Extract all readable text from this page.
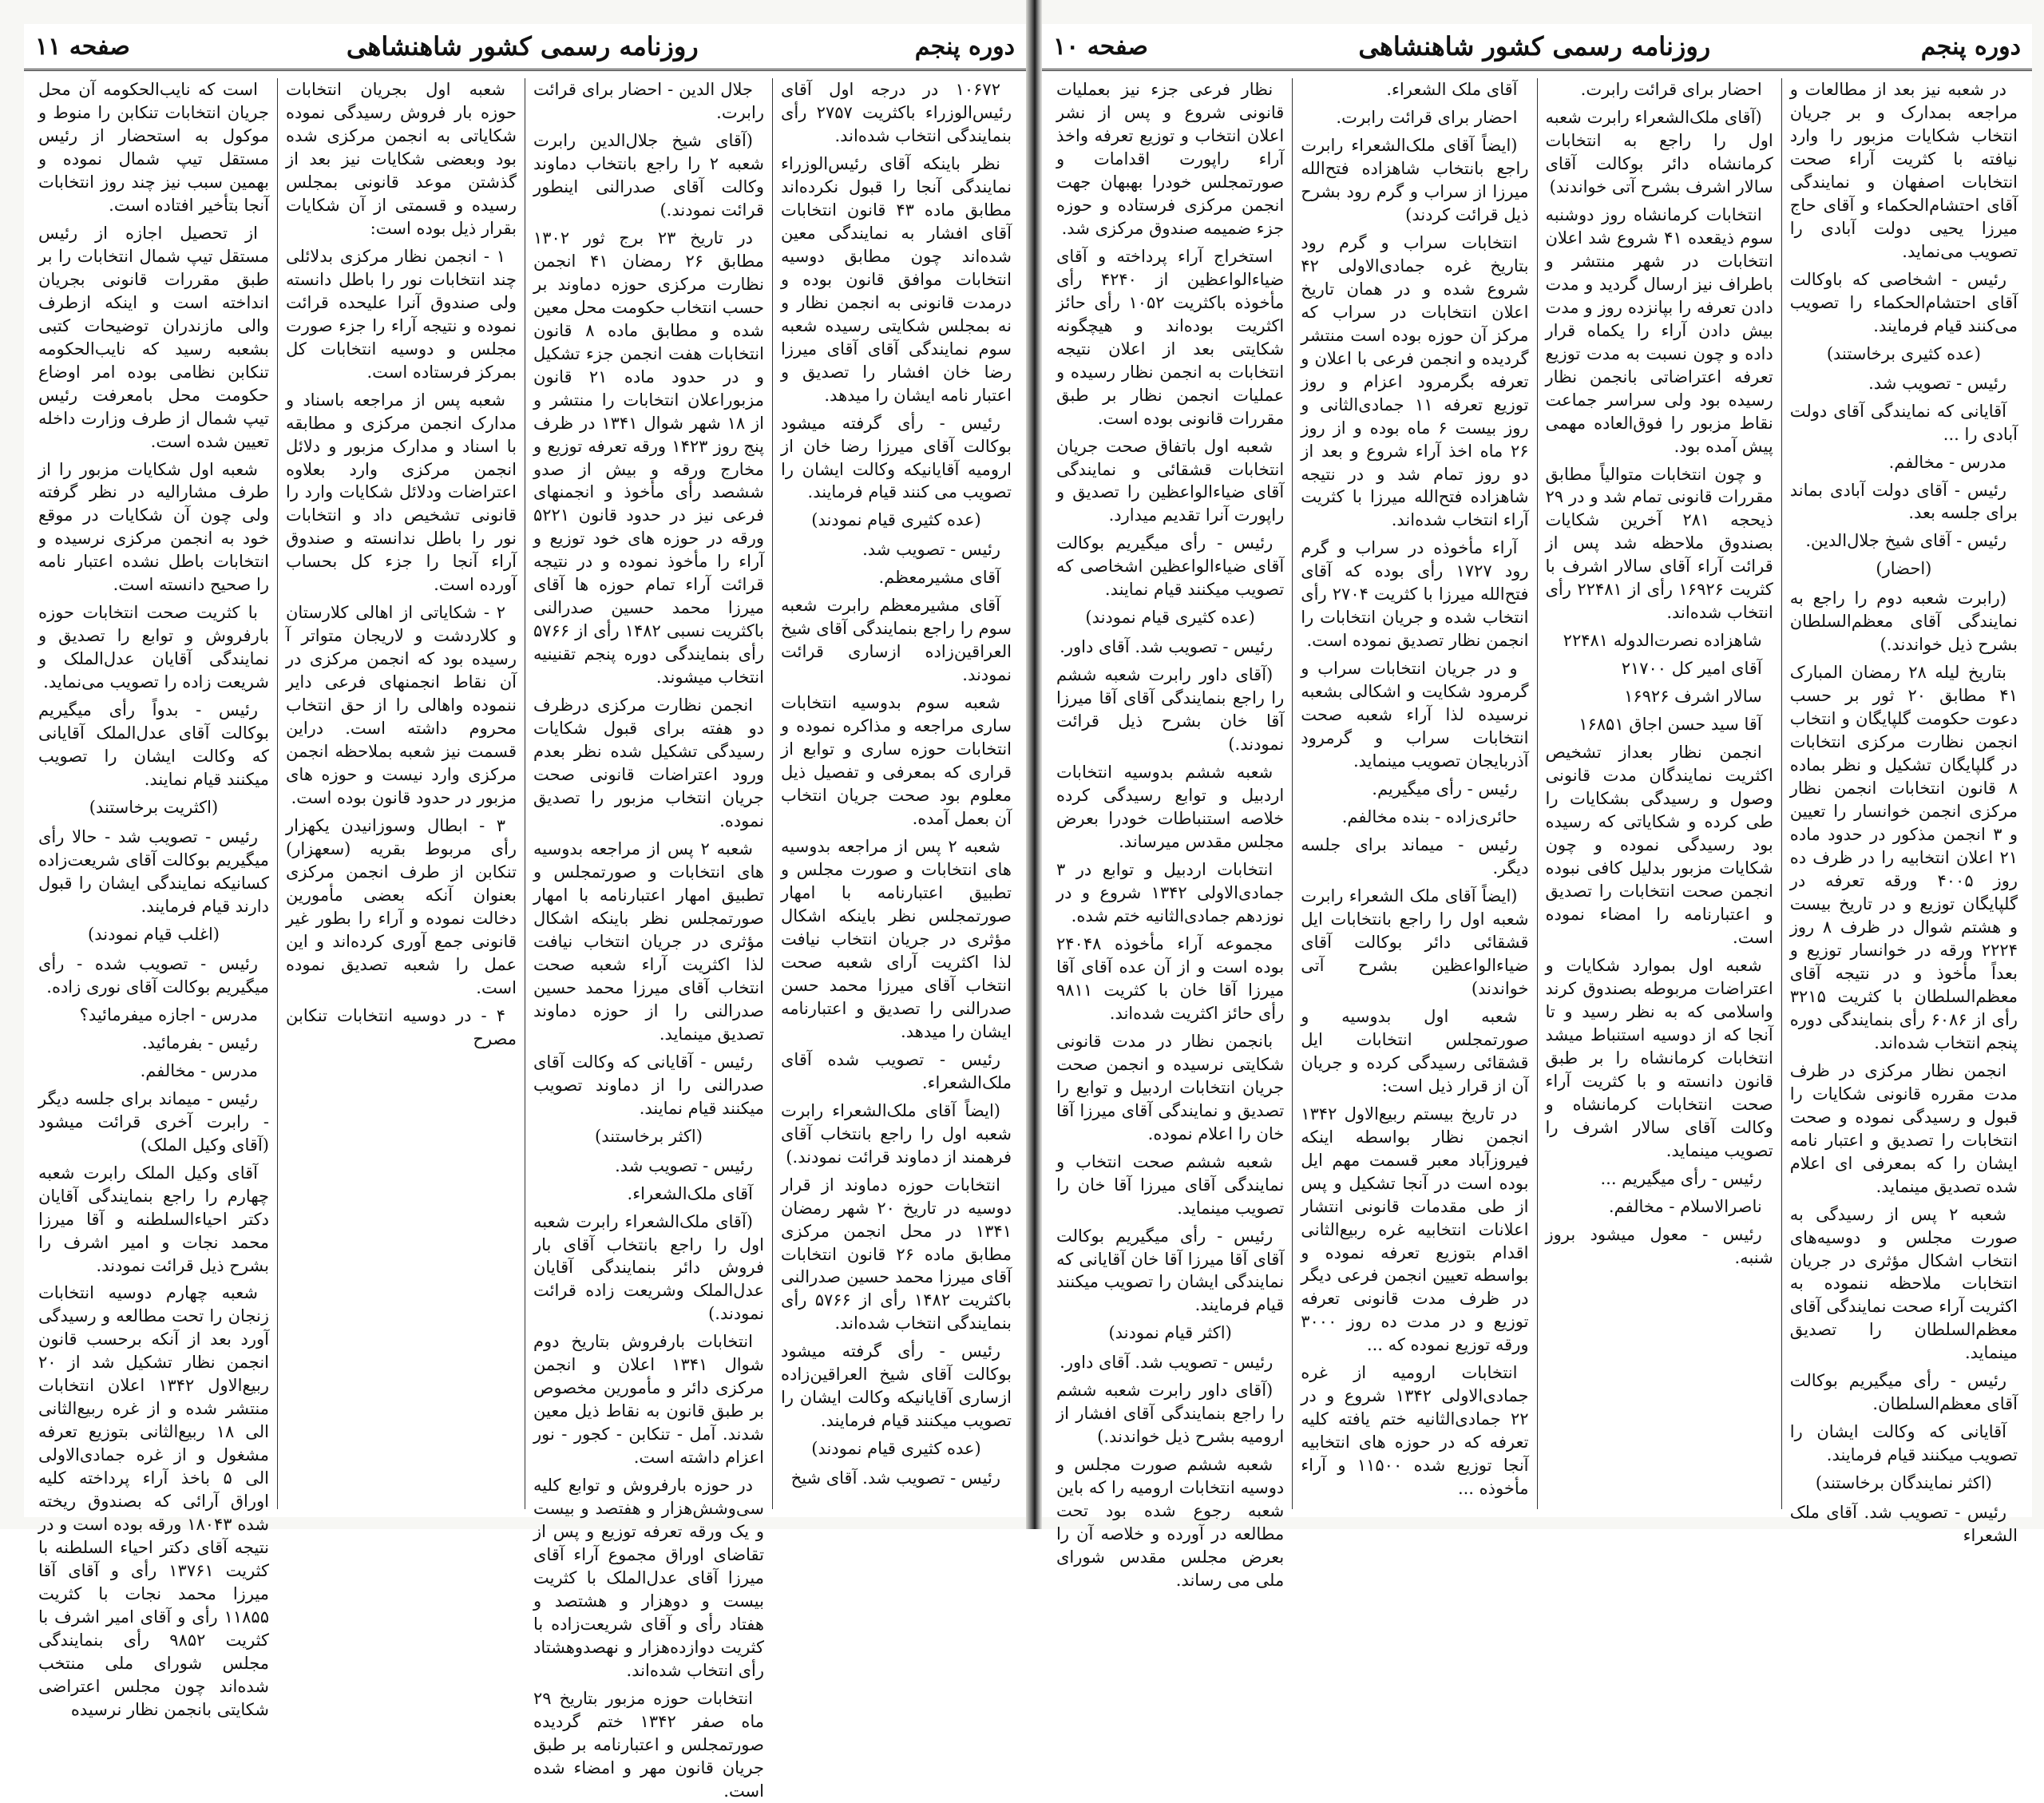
دوره پنجم
روزنامه رسمی کشور شاهنشاهی
صفحه ۱۱

۱۰۶۷۲ در درجه اول آقای رئیس‌الوزراء باکثریت ۲۷۵۷ رأی بنمایندگی انتخاب شده‌اند.

نظر باینکه آقای رئیس‌الوزراء نمایندگی آنجا را قبول نکرده‌اند مطابق ماده ۴۳ قانون انتخابات آقای افشار به نمایندگی معین شده‌اند چون مطابق دوسیه انتخابات موافق قانون بوده و درمدت قانونی به انجمن نظار و نه بمجلس شکایتی رسیده شعبه سوم نمایندگی آقای آقای میرزا رضا خان افشار را تصدیق و اعتبار نامه ایشان را میدهد.

رئیس - رأی گرفته میشود بوکالت آقای میرزا رضا خان از ارومیه آقایانیکه وکالت ایشان را تصویب می کنند قیام فرمایند.

(عده کثیری قیام نمودند)

رئیس - تصویب شد.

آقای مشیرمعظم.

آقای مشیرمعظم رابرت شعبه سوم را راجع بنمایندگی آقای شیخ العراقین‌زاده ازساری قرائت نمودند.

شعبه سوم بدوسیه انتخابات ساری مراجعه و مذاکره نموده و انتخابات حوزه ساری و توابع از قراری که بمعرفی و تفصیل ذیل معلوم بود صحت جریان انتخاب آن بعمل آمده.

شعبه ۲ پس از مراجعه بدوسیه های انتخابات و صورت مجلس و تطبیق اعتبارنامه با امهار صورتمجلس نظر باینکه اشکال مؤثری در جریان انتخاب نیافت لذا اکثریت آرای شعبه صحت انتخاب آقای میرزا محمد حسن صدرالنی را تصدیق و اعتبارنامه ایشان را میدهد.

رئیس - تصویب شده آقای ملک‌الشعراء.

(ایضاً آقای ملک‌الشعراء رابرت شعبه اول را راجع بانتخاب آقای فرهمند از دماوند قرائت نمودند.)

انتخابات حوزه دماوند از قرار دوسیه در تاریخ ۲۰ شهر رمضان ۱۳۴۱ در محل انجمن مرکزی مطابق ماده ۲۶ قانون انتخابات آقای میرزا محمد حسین صدرالنی باکثریت ۱۴۸۲ رأی از ۵۷۶۶ رأی بنمایندگی انتخاب شده‌اند.

رئیس - رأی گرفته میشود بوکالت آقای شیخ العراقین‌زاده ازساری آقایانیکه وکالت ایشان را تصویب میکنند قیام فرمایند.

(عده کثیری قیام نمودند)

رئیس - تصویب شد. آقای شیخ

جلال الدین - احضار برای قرائت رابرت.

(آقای شیخ جلال‌الدین رابرت شعبه ۲ را راجع بانتخاب دماوند وکالت آقای صدرالنی اینطور قرائت نمودند.)

در تاریخ ۲۳ برج ثور ۱۳۰۲ مطابق ۲۶ رمضان ۴۱ انجمن نظارت مرکزی حوزه دماوند بر حسب انتخاب حکومت محل معین شده و مطابق ماده ۸ قانون انتخابات هفت انجمن جزء تشکیل و در حدود ماده ۲۱ قانون مزبوراعلان انتخابات را منتشر و از ۱۸ شهر شوال ۱۳۴۱ در ظرف پنج روز ۱۴۲۳ ورقه تعرفه توزیع و مخارج ورقه و بیش از صدو ششصد رأی مأخوذ و انجمنهای فرعی نیز در حدود قانون ۵۲۲۱ ورقه در حوزه های خود توزیع و آراء را مأخوذ نموده و در نتیجه قرائت آراء تمام حوزه ها آقای میرزا محمد حسین صدرالنی باکثریت نسبی ۱۴۸۲ رأی از ۵۷۶۶ رأی بنمایندگی دوره پنجم تقنینیه انتخاب میشوند.

انجمن نظارت مرکزی درظرف دو هفته برای قبول شکایات رسیدگی تشکیل شده نظر بعدم ورود اعتراضات قانونی صحت جریان انتخاب مزبور را تصدیق نموده.

شعبه ۲ پس از مراجعه بدوسیه های انتخابات و صورتمجلس و تطبیق امهار اعتبارنامه با امهار صورتمجلس نظر باینکه اشکال مؤثری در جریان انتخاب نیافت لذا اکثریت آراء شعبه صحت انتخاب آقای میرزا محمد حسین صدرالنی را از حوزه دماوند تصدیق مینماید.

رئیس - آقایانی که وکالت آقای صدرالنی را از دماوند تصویب میکنند قیام نمایند.

(اکثر برخاستند)

رئیس - تصویب شد.

آقای ملک‌الشعراء.

(آقای ملک‌الشعراء رابرت شعبه اول را راجع بانتخاب آقای بار فروش دائر بنمایندگی آقایان عدل‌الملک وشریعت زاده قرائت نمودند.)

انتخابات بارفروش بتاریخ دوم شوال ۱۳۴۱ اعلان و انجمن مرکزی دائر و مأمورین مخصوص بر طبق قانون به نقاط ذیل معین شدند. آمل - تنکابن - کجور - نور اعزام داشته است.

در حوزه بارفروش و توابع کلیه سی‌وشش‌هزار و هفتصد و بیست و یک ورقه تعرفه توزیع و پس از تقاضای اوراق مجموع آراء آقای میرزا آقای عدل‌الملک با کثریت بیست و دوهزار و هشتصد و هفتاد رأی و آقای شریعت‌زاده با کثریت دوازده‌هزار و نهصدوهشتاد رأی انتخاب شده‌اند.

انتخابات حوزه مزبور بتاریخ ۲۹ ماه صفر ۱۳۴۲ ختم گردیده صورتمجلس و اعتبارنامه بر طبق جریان قانون مهر و امضاء شده است.

شعبه اول بجریان انتخابات حوزه بار فروش رسیدگی نموده شکایاتی به انجمن مرکزی شده بود وبعضی شکایات نیز بعد از گذشتن موعد قانونی بمجلس رسیده و قسمتی از آن شکایات بقرار ذیل بوده است:

۱ - انجمن نظار مرکزی بدلائلی چند انتخابات نور را باطل دانسته ولی صندوق آنرا علیحده قرائت نموده و نتیجه آراء را جزء صورت مجلس و دوسیه انتخابات کل بمرکز فرستاده است.

شعبه پس از مراجعه باسناد و مدارک انجمن مرکزی و مطابقه با اسناد و مدارک مزبور و دلائل انجمن مرکزی وارد بعلاوه اعتراضات ودلائل شکایات وارد را قانونی تشخیص داد و انتخابات نور را باطل ندانسته و صندوق آراء آنجا را جزء کل بحساب آورده است.

۲ - شکایاتی از اهالی کلارستان و کلاردشت و لاریجان متواتر آ رسیده بود که انجمن مرکزی در آن نقاط انجمنهای فرعی دایر ننموده واهالی را از حق انتخاب محروم داشته است. دراین قسمت نیز شعبه بملاحظه انجمن مرکزی وارد نیست و حوزه های مزبور در حدود قانون بوده است.

۳ - ابطال وسوزانیدن یکهزار رأی مربوط بقریه (سعهزار) تنکابن از طرف انجمن مرکزی بعنوان آنکه بعضی مأمورین دخالت نموده و آراء را بطور غیر قانونی جمع آوری کرده‌اند و این عمل را شعبه تصدیق نموده است.

۴ - در دوسیه انتخابات تنکابن مصرح

است که نایب‌الحکومه آن محل جریان انتخابات تنکابن را منوط و موکول به استحضار از رئیس مستقل تیپ شمال نموده و بهمین سبب نیز چند روز انتخابات آنجا بتأخیر افتاده است.

از تحصیل اجازه از رئیس مستقل تیپ شمال انتخابات را بر طبق مقررات قانونی بجریان انداخته است و اینکه ازطرف والی مازندران توضیحات کتبی بشعبه رسید که نایب‌الحکومه تنکابن نظامی بوده امر اوضاع حکومت محل بامعرفت رئیس تیپ شمال از طرف وزارت داخله تعیین شده است.

شعبه اول شکایات مزبور را از طرف مشارالیه در نظر گرفته ولی چون آن شکایات در موقع خود به انجمن مرکزی نرسیده و انتخابات باطل نشده اعتبار نامه را صحیح دانسته است.

با کثریت صحت انتخابات حوزه بارفروش و توابع را تصدیق و نمایندگی آقایان عدل‌الملک و شریعت زاده را تصویب می‌نماید.

رئیس - بدواً رأی میگیریم بوکالت آقای عدل‌الملک آقایانی که وکالت ایشان را تصویب میکنند قیام نمایند.

(اکثریت برخاستند)

رئیس - تصویب شد - حالا رأی میگیریم بوکالت آقای شریعت‌زاده کسانیکه نمایندگی ایشان را قبول دارند قیام فرمایند.

(اغلب قیام نمودند)

رئیس - تصویب شده - رأی میگیریم بوکالت آقای نوری زاده.

مدرس - اجازه میفرمائید؟

رئیس - بفرمائید.

مدرس - مخالفم.

رئیس - میماند برای جلسه دیگر - رابرت آخری قرائت میشود (آقای وکیل الملک)

آقای وکیل الملک رابرت شعبه چهارم را راجع بنمایندگی آقایان دکتر احیاءالسلطنه و آقا میرزا محمد نجات و امیر اشرف را بشرح ذیل قرائت نمودند.

شعبه چهارم دوسیه انتخابات زنجان را تحت مطالعه و رسیدگی آورد بعد از آنکه برحسب قانون انجمن نظار تشکیل شد از ۲۰ ربیع‌الاول ۱۳۴۲ اعلان انتخابات منتشر شده و از غره ربیع‌الثانی الی ۱۸ ربیع‌الثانی بتوزیع تعرفه مشغول و از غره جمادی‌الاولی الی ۵ باخذ آراء پرداخته کلیه اوراق آرائی که بصندوق ریخته شده ۱۸۰۴۳ ورقه بوده است و در نتیجه آقای دکتر احیاء السلطنه با کثریت ۱۳۷۶۱ رأی و آقای آقا میرزا محمد نجات با کثریت ۱۱۸۵۵ رأی و آقای امیر اشرف با کثریت ۹۸۵۲ رأی بنمایندگی مجلس شورای ملی منتخب شده‌اند چون مجلس اعتراضی شکایتی بانجمن نظار نرسیده

دوره پنجم
روزنامه رسمی کشور شاهنشاهی
صفحه ۱۰

در شعبه نیز بعد از مطالعات و مراجعه بمدارک و بر جریان انتخاب شکایات مزبور را وارد نیافته با کثریت آراء صحت انتخابات اصفهان و نمایندگی آقای احتشام‌الحکماء و آقای حاج میرزا یحیی دولت آبادی را تصویب می‌نماید.

رئیس - اشخاصی که باوکالت آقای احتشام‌الحکماء را تصویب می‌کنند قیام فرمایند.

(عده کثیری برخاستند)

رئیس - تصویب شد.

آقایانی که نمایندگی آقای دولت آبادی را ...

مدرس - مخالفم.

رئیس - آقای دولت آبادی بماند برای جلسه بعد.

رئیس - آقای شیخ جلال‌الدین.

(احضار)

(رابرت شعبه دوم را راجع به نمایندگی آقای معظم‌السلطان بشرح ذیل خواندند.)

بتاریخ لیله ۲۸ رمضان المبارک ۴۱ مطابق ۲۰ ثور بر حسب دعوت حکومت گلپایگان و انتخاب انجمن نظارت مرکزی انتخابات در گلپایگان تشکیل و نظر بماده ۸ قانون انتخابات انجمن نظار مرکزی انجمن خوانسار را تعیین و ۳ انجمن مذکور در حدود ماده ۲۱ اعلان انتخابیه را در ظرف ده روز ۴۰۰۵ ورقه تعرفه در گلپایگان توزیع و در تاریخ بیست و هشتم شوال در ظرف ۸ روز ۲۲۲۴ ورقه در خوانسار توزیع و بعداً مأخوذ و در نتیجه آقای معظم‌السلطان با کثریت ۳۲۱۵ رأی از ۶۰۸۶ رأی بنمایندگی دوره پنجم انتخاب شده‌اند.

انجمن نظار مرکزی در ظرف مدت مقرره قانونی شکایات را قبول و رسیدگی نموده و صحت انتخابات را تصدیق و اعتبار نامه ایشان را که بمعرفی ای اعلام شده تصدیق مینماید.

شعبه ۲ پس از رسیدگی به صورت مجلس و دوسیه‌های انتخاب اشکال مؤثری در جریان انتخابات ملاحظه ننموده به اکثریت آراء صحت نمایندگی آقای معظم‌السلطان را تصدیق مینماید.

رئیس - رأی میگیریم بوکالت آقای معظم‌السلطان.

آقایانی که وکالت ایشان را تصویب میکنند قیام فرمایند.

(اکثر نمایندگان برخاستند)

رئیس - تصویب شد. آقای ملک الشعراء

احضار برای قرائت رابرت.

(آقای ملک‌الشعراء رابرت شعبه اول را راجع به انتخابات کرمانشاه دائر بوکالت آقای سالار اشرف بشرح آتی خواندند)

انتخابات کرمانشاه روز دوشنبه سوم ذیقعده ۴۱ شروع شد اعلان انتخابات در شهر منتشر و باطراف نیز ارسال گردید و مدت دادن تعرفه را بپانزده روز و مدت بیش دادن آراء را یکماه قرار داده و چون نسبت به مدت توزیع تعرفه اعتراضاتی بانجمن نظار رسیده بود ولی سراسر جماعت نقاط مزبور را فوق‌العاده مهمی پیش آمده بود.

و چون انتخابات متوالیاً مطابق مقررات قانونی تمام شد و در ۲۹ ذیحجه ۲۸۱ آخرین شکایات بصندوق ملاحظه شد پس از قرائت آراء آقای سالار اشرف با کثریت ۱۶۹۲۶ رأی از ۲۲۴۸۱ رأی انتخاب شده‌اند.

شاهزاده نصرت‌الدوله ۲۲۴۸۱

آقای امیر کل ۲۱۷۰۰

سالار اشرف ۱۶۹۲۶

آقا سید حسن اجاق ۱۶۸۵۱

انجمن نظار بعداز تشخیص اکثریت نمایندگان مدت قانونی وصول و رسیدگی بشکایات را طی کرده و شکایاتی که رسیده بود رسیدگی نموده و چون شکایات مزبور بدلیل کافی نبوده انجمن صحت انتخابات را تصدیق و اعتبارنامه را امضاء نموده است.

شعبه اول بموارد شکایات و اعتراضات مربوطه بصندوق کرند واسلامی که به نظر رسید و تا آنجا که از دوسیه استنباط میشد انتخابات کرمانشاه را بر طبق قانون دانسته و با کثریت آراء صحت انتخابات کرمانشاه و وکالت آقای سالار اشرف را تصویب مینماید.

رئیس - رأی میگیریم ...

ناصرالاسلام - مخالفم.

رئیس - معول میشود بروز شنبه.

آقای ملک الشعراء.

احضار برای قرائت رابرت.

(ایضاً آقای ملک‌الشعراء رابرت راجع بانتخاب شاهزاده فتح‌الله میرزا از سراب و گرم رود بشرح ذیل قرائت کردند)

انتخابات سراب و گرم رود بتاریخ غره جمادی‌الاولی ۴۲ شروع شده و در همان تاریخ اعلان انتخابات در سراب که مرکز آن حوزه بوده است منتشر گردیده و انجمن فرعی با اعلان و تعرفه بگرمرود اعزام و روز توزیع تعرفه ۱۱ جمادی‌الثانی و روز بیست ۶ ماه بوده و از روز ۲۶ ماه اخذ آراء شروع و بعد از دو روز تمام شد و در نتیجه شاهزاده فتح‌الله میرزا با کثریت آراء انتخاب شده‌اند.

آراء مأخوذه در سراب و گرم رود ۱۷۲۷ رأی بوده که آقای فتح‌الله میرزا با کثریت ۲۷۰۴ رأی انتخاب شده و جریان انتخابات را انجمن نظار تصدیق نموده است.

و در جریان انتخابات سراب و گرمرود شکایت و اشکالی بشعبه نرسیده لذا آراء شعبه صحت انتخابات سراب و گرمرود آذربایجان تصویب مینماید.

رئیس - رأی میگیریم.

حائری‌زاده - بنده مخالفم.

رئیس - میماند برای جلسه دیگر.

(ایضاً آقای ملک الشعراء رابرت شعبه اول را راجع بانتخابات ایل قشقائی دائر بوکالت آقای ضیاءالواعظین بشرح آتی خواندند)

شعبه اول بدوسیه و صورتمجلس انتخابات ایل قشقائی رسیدگی کرده و جریان آن از قرار ذیل است:

در تاریخ بیستم ربیع‌الاول ۱۳۴۲ انجمن نظار بواسطه اینکه فیروزآباد معبر قسمت مهم ایل بوده است در آنجا تشکیل و پس از طی مقدمات قانونی انتشار اعلانات انتخابیه غره ربیع‌الثانی اقدام بتوزیع تعرفه نموده و بواسطه تعیین انجمن فرعی دیگر در ظرف مدت قانونی تعرفه توزیع و در مدت ده روز ۳۰۰۰ ورقه توزیع نموده که ...

انتخابات ارومیه از غره جمادی‌الاولی ۱۳۴۲ شروع و در ۲۲ جمادی‌الثانیه ختم یافته کلیه تعرفه که در حوزه های انتخابیه آنجا توزیع شده ۱۱۵۰۰ و آراء مأخوذه ...

نظار فرعی جزء نیز بعملیات قانونی شروع و پس از نشر اعلان انتخاب و توزیع تعرفه واخذ آراء راپورت اقدامات و صورتمجلس خودرا بهبهان جهت انجمن مرکزی فرستاده و حوزه جزء ضمیمه صندوق مرکزی شد.

استخراج آراء پرداخته و آقای ضیاءالواعظین از ۴۲۴۰ رأی مأخوذه باکثریت ۱۰۵۲ رأی حائز اکثریت بوده‌اند و هیچگونه شکایتی بعد از اعلان نتیجه انتخابات به انجمن نظار رسیده و عملیات انجمن نظار بر طبق مقررات قانونی بوده است.

شعبه اول باتفاق صحت جریان انتخابات قشقائی و نمایندگی آقای ضیاءالواعظین را تصدیق و راپورت آنرا تقدیم میدارد.

رئیس - رأی میگیریم بوکالت آقای ضیاءالواعظین اشخاصی که تصویب میکنند قیام نمایند.

(عده کثیری قیام نمودند)

رئیس - تصویب شد. آقای داور.

(آقای داور رابرت شعبه ششم را راجع بنمایندگی آقای آقا میرزا آقا خان بشرح ذیل قرائت نمودند.)

شعبه ششم بدوسیه انتخابات اردبیل و توابع رسیدگی کرده خلاصه استنباطات خودرا بعرض مجلس مقدس میرساند.

انتخابات اردبیل و توابع در ۳ جمادی‌الاولی ۱۳۴۲ شروع و در نوزدهم جمادی‌الثانیه ختم شده.

مجموعه آراء مأخوذه ۲۴۰۴۸ بوده است و از آن عده آقای آقا میرزا آقا خان با کثریت ۹۸۱۱ رأی حائز اکثریت شده‌اند.

بانجمن نظار در مدت قانونی شکایتی نرسیده و انجمن صحت جریان انتخابات اردبیل و توابع را تصدیق و نمایندگی آقای میرزا آقا خان را اعلام نموده.

شعبه ششم صحت انتخاب و نمایندگی آقای میرزا آقا خان را تصویب مینماید.

رئیس - رأی میگیریم بوکالت آقای آقا میرزا آقا خان آقایانی که نمایندگی ایشان را تصویب میکنند قیام فرمایند.

(اکثر قیام نمودند)

رئیس - تصویب شد. آقای داور.

(آقای داور رابرت شعبه ششم را راجع بنمایندگی آقای افشار از ارومیه بشرح ذیل خواندند.)

شعبه ششم صورت مجلس و دوسیه انتخابات ارومیه را که باین شعبه رجوع شده بود تحت مطالعه در آورده و خلاصه آن را بعرض مجلس مقدس شورای ملی می رساند.
